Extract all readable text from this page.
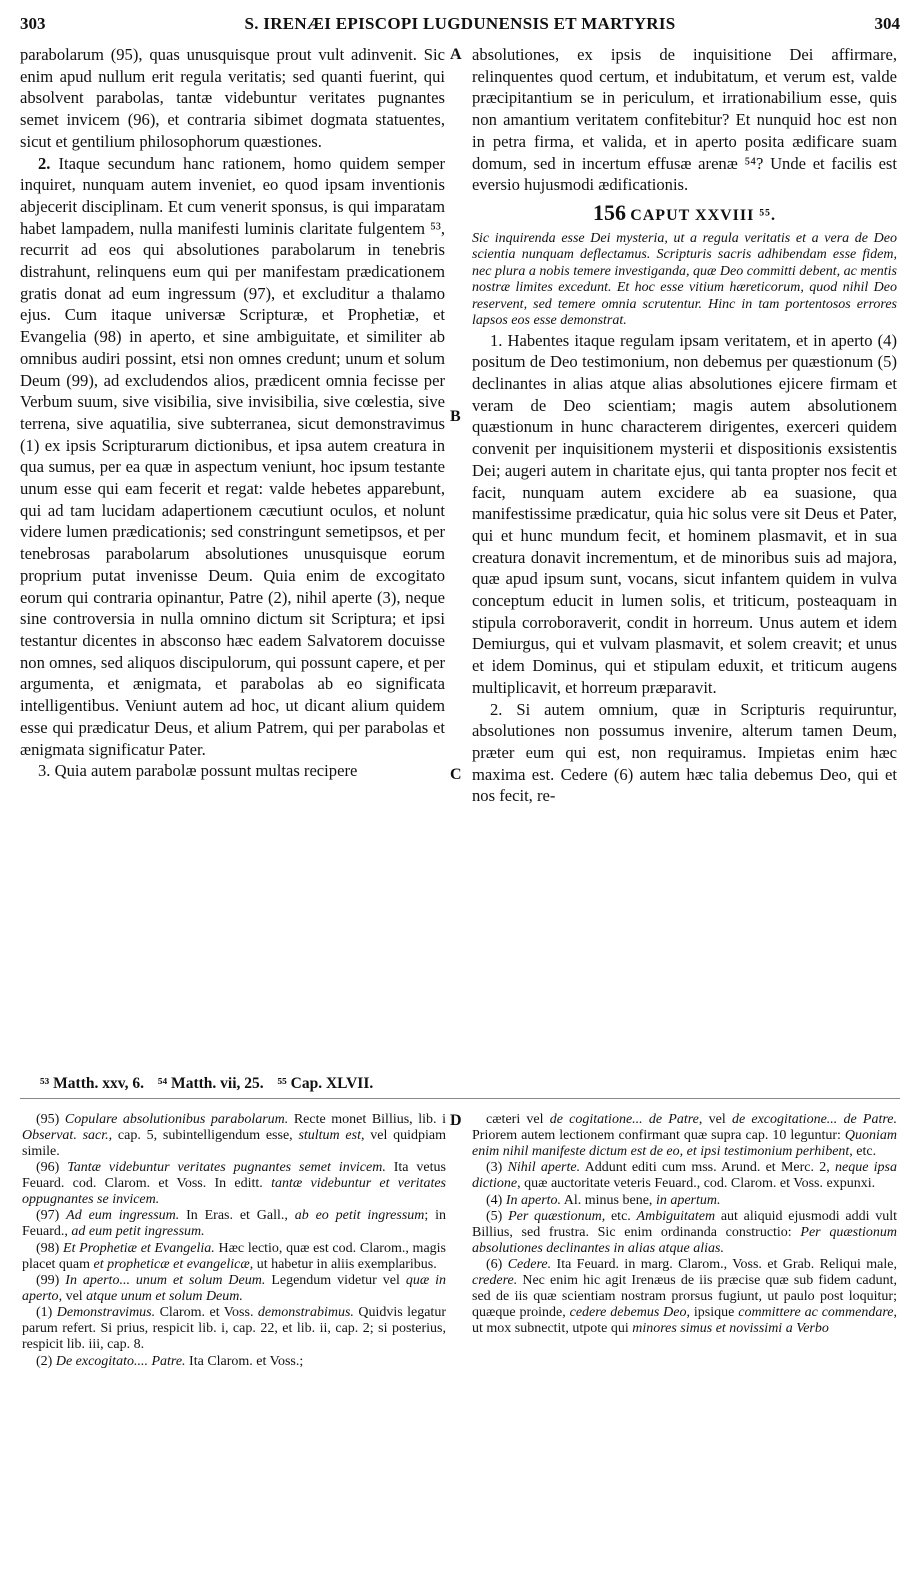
303	S. IRENÆI EPISCOPI LUGDUNENSIS ET MARTYRIS	304

parabolarum (95), quas unusquisque prout vult adinvenit. Sic enim apud nullum erit regula veritatis; sed quanti fuerint, qui absolvent parabolas, tantæ videbuntur veritates pugnantes semet invicem (96), et contraria sibimet dogmata statuentes, sicut et gentilium philosophorum quæstiones.

2. Itaque secundum hanc rationem, homo quidem semper inquiret, nunquam autem inveniet, eo quod ipsam inventionis abjecerit disciplinam. Et cum venerit sponsus, is qui imparatam habet lampadem, nulla manifesti luminis claritate fulgentem ⁵³, recurrit ad eos qui absolutiones parabolarum in tenebris distrahunt, relinquens eum qui per manifestam prædicationem gratis donat ad eum ingressum (97), et excluditur a thalamo ejus. Cum itaque universæ Scripturæ, et Prophetiæ, et Evangelia (98) in aperto, et sine ambiguitate, et similiter ab omnibus audiri possint, etsi non omnes credunt; unum et solum Deum (99), ad excludendos alios, prædicent omnia fecisse per Verbum suum, sive visibilia, sive invisibilia, sive cœlestia, sive terrena, sive aquatilia, sive subterranea, sicut demonstravimus (1) ex ipsis Scripturarum dictionibus, et ipsa autem creatura in qua sumus, per ea quæ in aspectum veniunt, hoc ipsum testante unum esse qui eam fecerit et regat: valde hebetes apparebunt, qui ad tam lucidam adapertionem cæcutiunt oculos, et nolunt videre lumen prædicationis; sed constringunt semetipsos, et per tenebrosas parabolarum absolutiones unusquisque eorum proprium putat invenisse Deum. Quia enim de excogitato eorum qui contraria opinantur, Patre (2), nihil aperte (3), neque sine controversia in nulla omnino dictum sit Scriptura; et ipsi testantur dicentes in absconso hæc eadem Salvatorem docuisse non omnes, sed aliquos discipulorum, qui possunt capere, et per argumenta, et ænigmata, et parabolas ab eo significata intelligentibus. Veniunt autem ad hoc, ut dicant alium quidem esse qui prædicatur Deus, et alium Patrem, qui per parabolas et ænigmata significatur Pater.

3. Quia autem parabolæ possunt multas recipere

A
B
C
D

absolutiones, ex ipsis de inquisitione Dei affirmare, relinquentes quod certum, et indubitatum, et verum est, valde præcipitantium se in periculum, et irrationabilium esse, quis non amantium veritatem confitebitur? Et nunquid hoc est non in petra firma, et valida, et in aperto posita ædificare suam domum, sed in incertum effusæ arenæ ⁵⁴? Unde et facilis est eversio hujusmodi ædificationis.

156 CAPUT XXVIII ⁵⁵.

Sic inquirenda esse Dei mysteria, ut a regula veritatis et a vera de Deo scientia nunquam deflectamus. Scripturis sacris adhibendam esse fidem, nec plura a nobis temere investiganda, quæ Deo committi debent, ac mentis nostræ limites excedunt. Et hoc esse vitium hæreticorum, quod nihil Deo reservent, sed temere omnia scrutentur. Hinc in tam portentosos errores lapsos eos esse demonstrat.

1. Habentes itaque regulam ipsam veritatem, et in aperto (4) positum de Deo testimonium, non debemus per quæstionum (5) declinantes in alias atque alias absolutiones ejicere firmam et veram de Deo scientiam; magis autem absolutionem quæstionum in hunc characterem dirigentes, exerceri quidem convenit per inquisitionem mysterii et dispositionis exsistentis Dei; augeri autem in charitate ejus, qui tanta propter nos fecit et facit, nunquam autem excidere ab ea suasione, qua manifestissime prædicatur, quia hic solus vere sit Deus et Pater, qui et hunc mundum fecit, et hominem plasmavit, et in sua creatura donavit incrementum, et de minoribus suis ad majora, quæ apud ipsum sunt, vocans, sicut infantem quidem in vulva conceptum educit in lumen solis, et triticum, posteaquam in stipula corroboraverit, condit in horreum. Unus autem et idem Demiurgus, qui et vulvam plasmavit, et solem creavit; et unus et idem Dominus, qui et stipulam eduxit, et triticum augens multiplicavit, et horreum præparavit.

2. Si autem omnium, quæ in Scripturis requiruntur, absolutiones non possumus invenire, alterum tamen Deum, præter eum qui est, non requiramus. Impietas enim hæc maxima est. Cedere (6) autem hæc talia debemus Deo, qui et nos fecit, re-

⁵³ Matth. xxv, 6. ⁵⁴ Matth. vii, 25. ⁵⁵ Cap. XLVII.

(95) Copulare absolutionibus parabolarum. Recte monet Billius, lib. i Observat. sacr., cap. 5, subintelligendum esse, stultum est, vel quidpiam simile.

(96) Tantæ videbuntur veritates pugnantes semet invicem. Ita vetus Feuard. cod. Clarom. et Voss. In editt. tantæ videbuntur et veritates oppugnantes se invicem.

(97) Ad eum ingressum. In Eras. et Gall., ab eo petit ingressum; in Feuard., ad eum petit ingressum.

(98) Et Prophetiæ et Evangelia. Hæc lectio, quæ est cod. Clarom., magis placet quam et propheticæ et evangelicæ, ut habetur in aliis exemplaribus.

(99) In aperto... unum et solum Deum. Legendum videtur vel quæ in aperto, vel atque unum et solum Deum.

(1) Demonstravimus. Clarom. et Voss. demonstrabimus. Quidvis legatur parum refert. Si prius, respicit lib. i, cap. 22, et lib. ii, cap. 2; si posterius, respicit lib. iii, cap. 8.

(2) De excogitato.... Patre. Ita Clarom. et Voss.;

cæteri vel de cogitatione... de Patre, vel de excogitatione... de Patre. Priorem autem lectionem confirmant quæ supra cap. 10 leguntur: Quoniam enim nihil manifeste dictum est de eo, et ipsi testimonium perhibent, etc.

(3) Nihil aperte. Addunt editi cum mss. Arund. et Merc. 2, neque ipsa dictione, quæ auctoritate veteris Feuard., cod. Clarom. et Voss. expunxi.

(4) In aperto. Al. minus bene, in apertum.

(5) Per quæstionum, etc. Ambiguitatem aut aliquid ejusmodi addi vult Billius, sed frustra. Sic enim ordinanda constructio: Per quæstionum absolutiones declinantes in alias atque alias.

(6) Cedere. Ita Feuard. in marg. Clarom., Voss. et Grab. Reliqui male, credere. Nec enim hic agit Irenæus de iis præcise quæ sub fidem cadunt, sed de iis quæ scientiam nostram prorsus fugiunt, ut paulo post loquitur; quæque proinde, cedere debemus Deo, ipsique committere ac commendare, ut mox subnectit, utpote qui minores simus et novissimi a Verbo
